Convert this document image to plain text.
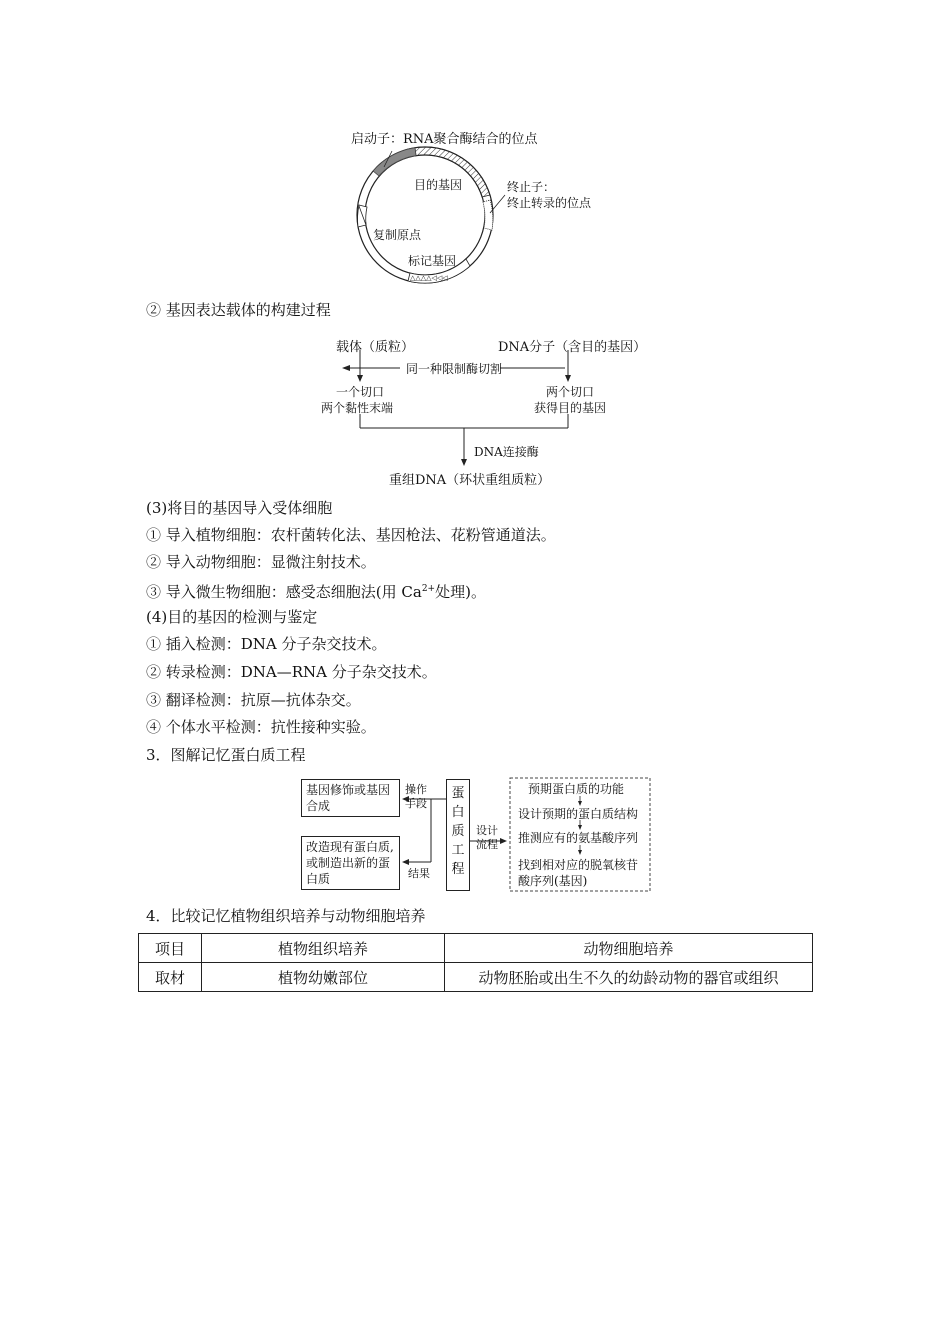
△△△△◁◁◁
启动子：RNA聚合酶结合的位点
目的基因	终止子：
终止转录的位点
复制原点
标记基因
② 基因表达载体的构建过程
载体（质粒）	DNA分子（含目的基因）
同一种限制酶切割
一个切口
两个黏性末端
两个切口
获得目的基因
DNA连接酶
重组DNA（环状重组质粒）
(3)将目的基因导入受体细胞
① 导入植物细胞：农杆菌转化法、基因枪法、花粉管通道法。
② 导入动物细胞：显微注射技术。
③ 导入微生物细胞：感受态细胞法(用 $Ca^{2+}$处理)。
(4)目的基因的检测与鉴定
① 插入检测：DNA 分子杂交技术。
② 转录检测：DNA—RNA 分子杂交技术。
③ 翻译检测：抗原—抗体杂交。
④ 个体水平检测：抗性接种实验。
3．图解记忆蛋白质工程
基因修饰或基因
合成
改造现有蛋白质,
或制造出新的蛋
白质
操作
手段
结果
蛋
白
质
工
程
设计
流程
预期蛋白质的功能
设计预期的蛋白质结构
推测应有的氨基酸序列
找到相对应的脱氧核苷
酸序列(基因)
4．比较记忆植物组织培养与动物细胞培养
项目	植物组织培养	动物细胞培养
取材	植物幼嫩部位	动物胚胎或出生不久的幼龄动物的器官或组织
